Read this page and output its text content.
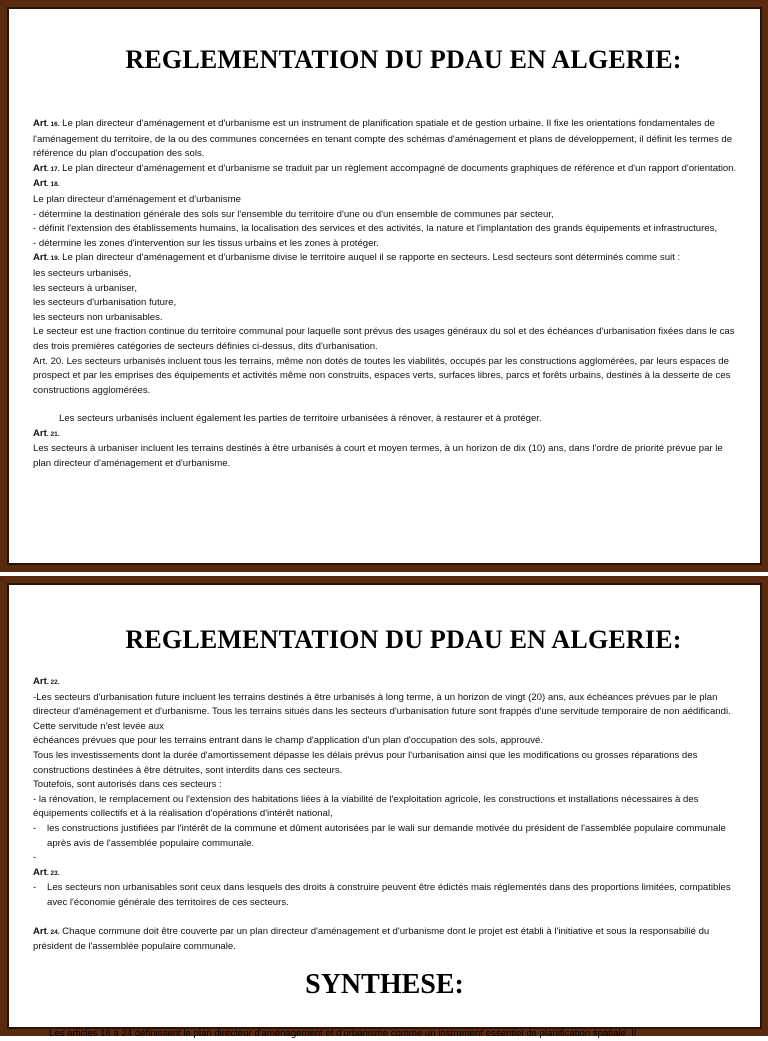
REGLEMENTATION DU PDAU EN ALGERIE:

Art. 16. Le plan directeur d'aménagement et d'urbanisme est un instrument de planification spatiale et de gestion urbaine. Il fixe les orientations fondamentales de l'aménagement du territoire, de la ou des communes concernées en tenant compte des schémas d'aménagement et plans de développement, il définit les termes de référence du plan d'occupation des sols.

Art. 17. Le plan directeur d'aménagement et d'urbanisme se traduit par un règlement accompagné de documents graphiques de référence et d'un rapport d'orientation.

Art. 18.

Le plan directeur d'aménagement et d'urbanisme

- détermine la destination générale des sols sur l'ensemble du territoire d'une ou d'un ensemble de communes par secteur,

- définit l'extension des établissements humains, la localisation des services et des activités, la nature et l'implantation des grands équipements et infrastructures,

- détermine les zones d'intervention sur les tissus urbains et les zones à protéger.

Art. 19. Le plan directeur d'aménagement et d'urbanisme divise le territoire auquel il se rapporte en secteurs. Lesd secteurs sont déterminés comme suit :

les secteurs urbanisés,

les secteurs à urbaniser,

les secteurs d'urbanisation future,

les secteurs non urbanisables.

Le secteur est une fraction continue du territoire communal pour laquelle sont prévus des usages généraux du sol et des échéances d'urbanisation fixées dans le cas des trois premières catégories de secteurs définies ci-dessus, dits d'urbanisation.

Art. 20. Les secteurs urbanisés incluent tous les terrains, même non dotés de toutes les viabilités, occupés par les constructions agglomérées, par leurs espaces de prospect et par les emprises des équipements et activités même non construits, espaces verts, surfaces libres, parcs et forêts urbains, destinés à la desserte de ces constructions agglomérées.

Les secteurs urbanisés incluent également les parties de territoire urbanisées à rénover, à restaurer et à protéger.

Art. 21.

Les secteurs à urbaniser incluent les terrains destinés à être urbanisés à court et moyen termes, à un horizon de dix (10) ans, dans l'ordre de priorité prévue par le plan directeur d'aménagement et d'urbanisme.

REGLEMENTATION DU PDAU EN ALGERIE:

Art. 22.

-Les secteurs d'urbanisation future incluent les terrains destinés à être urbanisés à long terme, à un horizon de vingt (20) ans, aux échéances prévues par le plan directeur d'aménagement et d'urbanisme. Tous les terrains situés dans les secteurs d'urbanisation future sont frappés d'une servitude temporaire de non aédificandi. Cette servitude n'est levée aux

échéances prévues que pour les terrains entrant dans le champ d'application d'un plan d'occupation des sols, approuvé.

Tous les investissements dont la durée d'amortissement dépasse les délais prévus pour l'urbanisation ainsi que les modifications ou grosses réparations des constructions destinées à être détruites, sont interdits dans ces secteurs.

Toutefois, sont autorisés dans ces secteurs :

- la rénovation, le remplacement ou l'extension des habitations liées à la viabilité de l'exploitation agricole, les constructions et installations nécessaires à des équipements collectifs et à la réalisation d'opérations d'intérêt national,

-	les constructions justifiées par l'intérêt de la commune et dûment autorisées par le wali sur demande motivée du président de l'assemblée populaire communale après avis de l'assemblée populaire communale.

-

Art. 23.

-	Les secteurs non urbanisables sont ceux dans lesquels des droits à construire peuvent être édictés mais réglementés dans des proportions limitées, compatibles avec l'économie générale des territoires de ces secteurs.

Art. 24. Chaque commune doit être couverte par un plan directeur d'aménagement et d'urbanisme dont le projet est établi à l'initiative et sous la responsabilié du président de l'assemblée populaire communale.

SYNTHESE:

Les articles 16 à 24 définissent le plan directeur d'aménagement et d'urbanisme comme un instrument essentiel de planification spatiale. Il
